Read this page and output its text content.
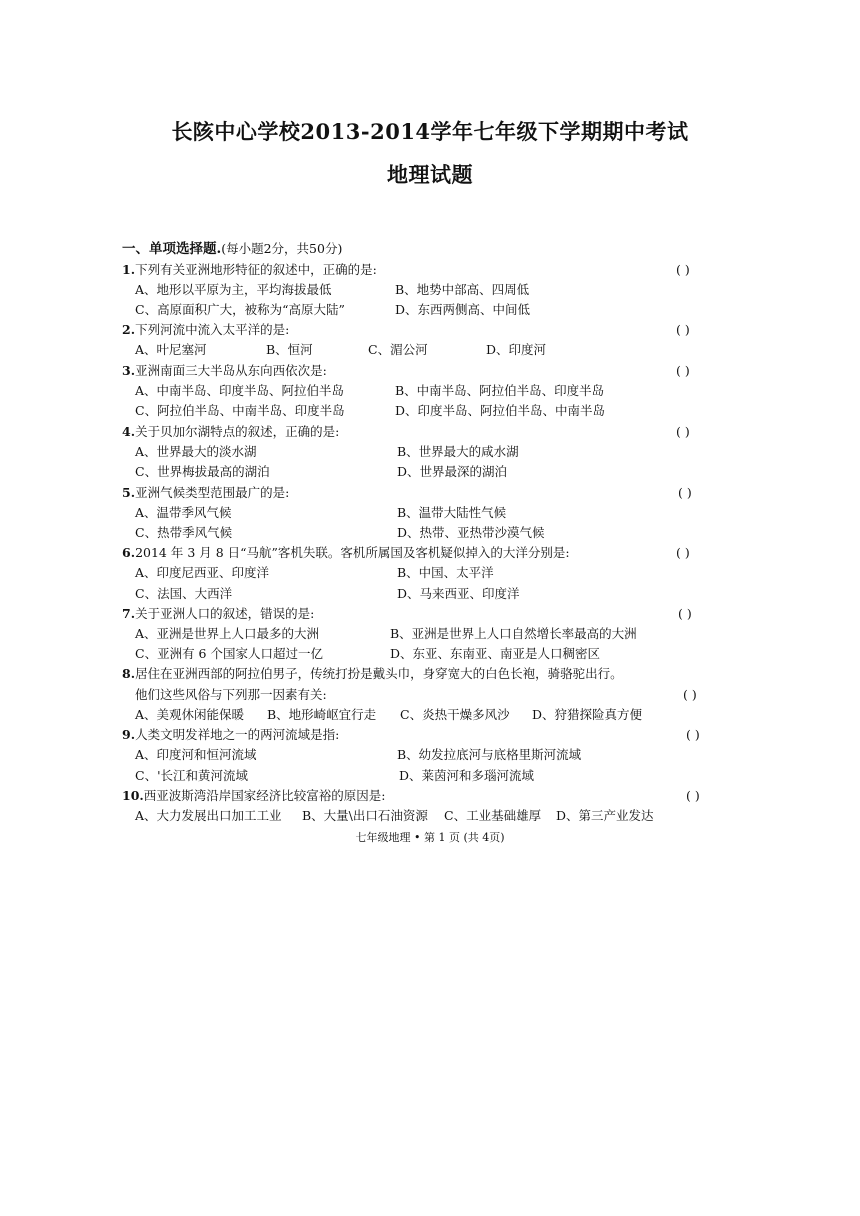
长陔中心学校2013-2014学年七年级下学期期中考试
地理试题
一、单项选择题.(每小题2分，共50分)
1.下列有关亚洲地形特征的叙述中，正确的是:	( )
A、地形以平原为主，平均海拔最低	B、地势中部高、四周低
C、高原面积广大，被称为“高原大陆”	D、东西两侧高、中间低
2.下列河流中流入太平洋的是:	( )
A、叶尼塞河	B、恒河	C、湄公河	D、印度河
3.亚洲南面三大半岛从东向西依次是:	( )
A、中南半岛、印度半岛、阿拉伯半岛	B、中南半岛、阿拉伯半岛、印度半岛
C、阿拉伯半岛、中南半岛、印度半岛	D、印度半岛、阿拉伯半岛、中南半岛
4.关于贝加尔湖特点的叙述，正确的是:	( )
A、世界最大的淡水湖	B、世界最大的咸水湖
C、世界梅拔最高的湖泊	D、世界最深的湖泊
5.亚洲气候类型范围最广的是:	( )
A、温带季风气候	B、温带大陆性气候
C、热带季风气候	D、热带、亚热带沙漠气候
6.2014 年 3 月 8 日“马航”客机失联。客机所属国及客机疑似掉入的大洋分别是:	( )
A、印度尼西亚、印度洋	B、中国、太平洋
C、法国、大西洋	D、马来西亚、印度洋
7.关于亚洲人口的叙述，错误的是:	( )
A、亚洲是世界上人口最多的大洲	B、亚洲是世界上人口自然增长率最高的大洲
C、亚洲有 6 个国家人口超过一亿	D、东亚、东南亚、南亚是人口稠密区
8.居住在亚洲西部的阿拉伯男子，传统打扮是戴头巾，身穿宽大的白色长袍，骑骆驼出行。
他们这些风俗与下列那一因素有关:	( )
A、美观休闲能保暖 B、地形崎岖宜行走 C、炎热干燥多风沙 D、狩猎探险真方便
9.人类文明发祥地之一的两河流域是指:	( )
A、印度河和恒河流域	B、幼发拉底河与底格里斯河流域
C、'长江和黄河流域	D、莱茵河和多瑙河流域
10.西亚波斯湾沿岸国家经济比较富裕的原因是:	( )
A、大力发展出口加工工业 B、大量\出口石油资源 C、工业基础雄厚 D、第三产业发达
七年级地理 • 第 1 页 (共 4页)
